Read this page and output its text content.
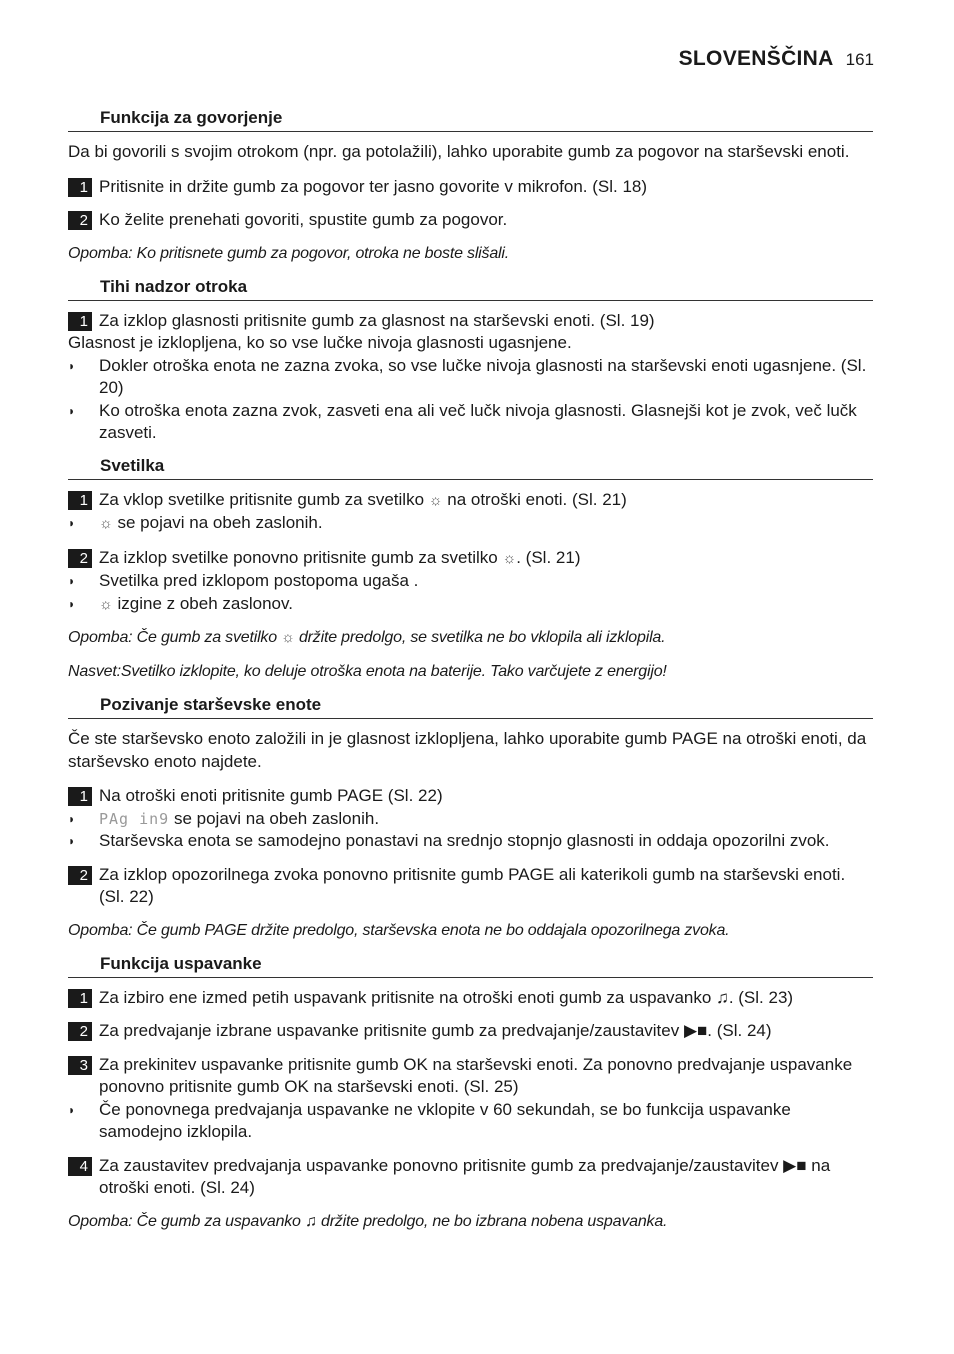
SLOVENŠČINA 161
Funkcija za govorjenje

Da bi govorili s svojim otrokom (npr. ga potolažili), lahko uporabite gumb za pogovor na starševski enoti.

1 Pritisnite in držite gumb za pogovor ter jasno govorite v mikrofon. (Sl. 18)
2 Ko želite prenehati govoriti, spustite gumb za pogovor.
Opomba: Ko pritisnete gumb za pogovor, otroka ne boste slišali.
Tihi nadzor otroka
1 Za izklop glasnosti pritisnite gumb za glasnost na starševski enoti. (Sl. 19)
Glasnost je izklopljena, ko so vse lučke nivoja glasnosti ugasnjene.
◗	Dokler otroška enota ne zazna zvoka, so vse lučke nivoja glasnosti na starševski enoti ugasnjene. (Sl. 20)
◗	Ko otroška enota zazna zvok, zasveti ena ali več lučk nivoja glasnosti. Glasnejši kot je zvok, več lučk zasveti.
Svetilka
1 Za vklop svetilke pritisnite gumb za svetilko ☼ na otroški enoti. (Sl. 21)
◗	☼ se pojavi na obeh zaslonih.
2 Za izklop svetilke ponovno pritisnite gumb za svetilko ☼. (Sl. 21)
◗	Svetilka pred izklopom postopoma ugaša .
◗	☼ izgine z obeh zaslonov.
Opomba: Če gumb za svetilko ☼ držite predolgo, se svetilka ne bo vklopila ali izklopila.
Nasvet:Svetilko izklopite, ko deluje otroška enota na baterije. Tako varčujete z energijo!
Pozivanje starševske enote

Če ste starševsko enoto založili in je glasnost izklopljena, lahko uporabite gumb PAGE na otroški enoti, da starševsko enoto najdete.

1 Na otroški enoti pritisnite gumb PAGE (Sl. 22)
◗	PAg in9 se pojavi na obeh zaslonih.
◗	Starševska enota se samodejno ponastavi na srednjo stopnjo glasnosti in oddaja opozorilni zvok.
2 Za izklop opozorilnega zvoka ponovno pritisnite gumb PAGE ali katerikoli gumb na starševski enoti. (Sl. 22)
Opomba: Če gumb PAGE držite predolgo, starševska enota ne bo oddajala opozorilnega zvoka.
Funkcija uspavanke
1 Za izbiro ene izmed petih uspavank pritisnite na otroški enoti gumb za uspavanko ♫. (Sl. 23)
2 Za predvajanje izbrane uspavanke pritisnite gumb za predvajanje/zaustavitev ▶■. (Sl. 24)
3 Za prekinitev uspavanke pritisnite gumb OK na starševski enoti. Za ponovno predvajanje uspavanke ponovno pritisnite gumb OK na starševski enoti. (Sl. 25)
◗	Če ponovnega predvajanja uspavanke ne vklopite v 60 sekundah, se bo funkcija uspavanke samodejno izklopila.
4 Za zaustavitev predvajanja uspavanke ponovno pritisnite gumb za predvajanje/zaustavitev ▶■ na otroški enoti. (Sl. 24)
Opomba: Če gumb za uspavanko ♫ držite predolgo, ne bo izbrana nobena uspavanka.
